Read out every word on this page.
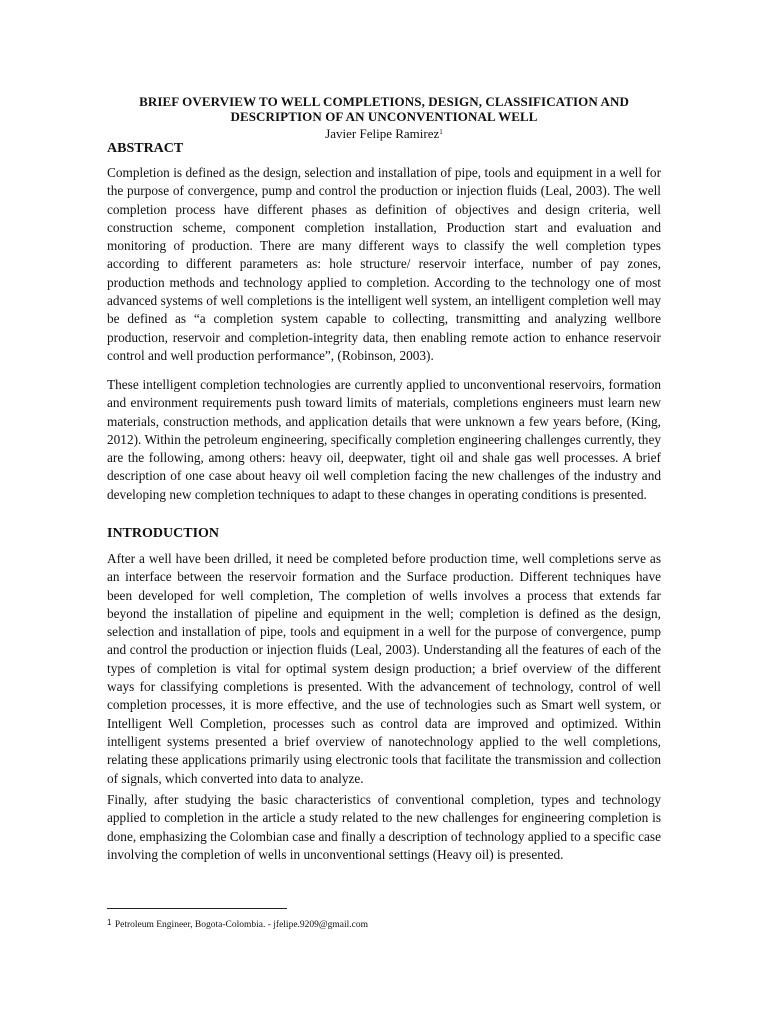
BRIEF OVERVIEW TO WELL COMPLETIONS, DESIGN, CLASSIFICATION AND
DESCRIPTION OF AN UNCONVENTIONAL WELL
Javier Felipe Ramirez$^1$
ABSTRACT

Completion is defined as the design, selection and installation of pipe, tools and equipment in a well for the purpose of convergence, pump and control the production or injection fluids (Leal, 2003). The well completion process have different phases as definition of objectives and design criteria, well construction scheme, component completion installation, Production start and evaluation and monitoring of production. There are many different ways to classify the well completion types according to different parameters as: hole structure/ reservoir interface, number of pay zones, production methods and technology applied to completion. According to the technology one of most advanced systems of well completions is the intelligent well system, an intelligent completion well may be defined as “a completion system capable to collecting, transmitting and analyzing wellbore production, reservoir and completion-integrity data, then enabling remote action to enhance reservoir control and well production performance”, (Robinson, 2003).

These intelligent completion technologies are currently applied to unconventional reservoirs, formation and environment requirements push toward limits of materials, completions engineers must learn new materials, construction methods, and application details that were unknown a few years before, (King, 2012). Within the petroleum engineering, specifically completion engineering challenges currently, they are the following, among others: heavy oil, deepwater, tight oil and shale gas well processes. A brief description of one case about heavy oil well completion facing the new challenges of the industry and developing new completion techniques to adapt to these changes in operating conditions is presented.

INTRODUCTION

After a well have been drilled, it need be completed before production time, well completions serve as an interface between the reservoir formation and the Surface production. Different techniques have been developed for well completion, The completion of wells involves a process that extends far beyond the installation of pipeline and equipment in the well; completion is defined as the design, selection and installation of pipe, tools and equipment in a well for the purpose of convergence, pump and control the production or injection fluids (Leal, 2003). Understanding all the features of each of the types of completion is vital for optimal system design production; a brief overview of the different ways for classifying completions is presented. With the advancement of technology, control of well completion processes, it is more effective, and the use of technologies such as Smart well system, or Intelligent Well Completion, processes such as control data are improved and optimized. Within intelligent systems presented a brief overview of nanotechnology applied to the well completions, relating these applications primarily using electronic tools that facilitate the transmission and collection of signals, which converted into data to analyze.

Finally, after studying the basic characteristics of conventional completion, types and technology applied to completion in the article a study related to the new challenges for engineering completion is done, emphasizing the Colombian case and finally a description of technology applied to a specific case involving the completion of wells in unconventional settings (Heavy oil) is presented.

$^1$ Petroleum Engineer, Bogota-Colombia. - jfelipe.9209@gmail.com
